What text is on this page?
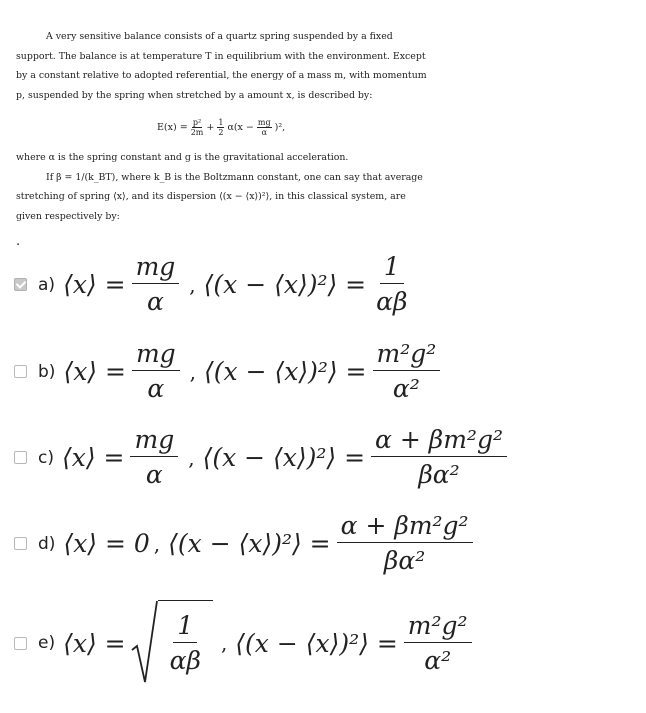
A very sensitive balance consists of a quartz spring suspended by a fixed support. The balance is at temperature T in equilibrium with the environment. Except by a constant relative to adopted referential, the energy of a mass m, with momentum p, suspended by the spring when stretched by a amount x, is described by:

$E(x) = \frac{\text{p²}}{2m} + \frac{1}{2} \alpha(x - \frac{mg}{\alpha} )^2$,

where α is the spring constant and g is the gravitational acceleration.

If β = 1/(k_BT), where k_B is the Boltzmann constant, one can say that average stretching of spring ⟨x⟩, and its dispersion ⟨(x − ⟨x⟩)²⟩, in this classical system, are given respectively by:

.
a) ⟨x⟩ = $\frac{mg}{\alpha}$ , ⟨(x − ⟨x⟩)²⟩ = $\frac{1}{\alpha\beta}$
b) ⟨x⟩ = $\frac{mg}{\alpha}$ , ⟨(x − ⟨x⟩)²⟩ = $\frac{\text{m²g²}}{\text{α²}}$
c) ⟨x⟩ = $\frac{mg}{\alpha}$ , ⟨(x − ⟨x⟩)²⟩ = $\frac{\text{α + βm²g²}}{\text{βα²}}$
d) ⟨x⟩ = 0 , ⟨(x − ⟨x⟩)²⟩ = $\frac{\text{α + βm²g²}}{\text{βα²}}$
e) ⟨x⟩ = $\frac{1}{\alpha\beta}$ , ⟨(x − ⟨x⟩)²⟩ = $\frac{\text{m²g²}}{\text{α²}}$
